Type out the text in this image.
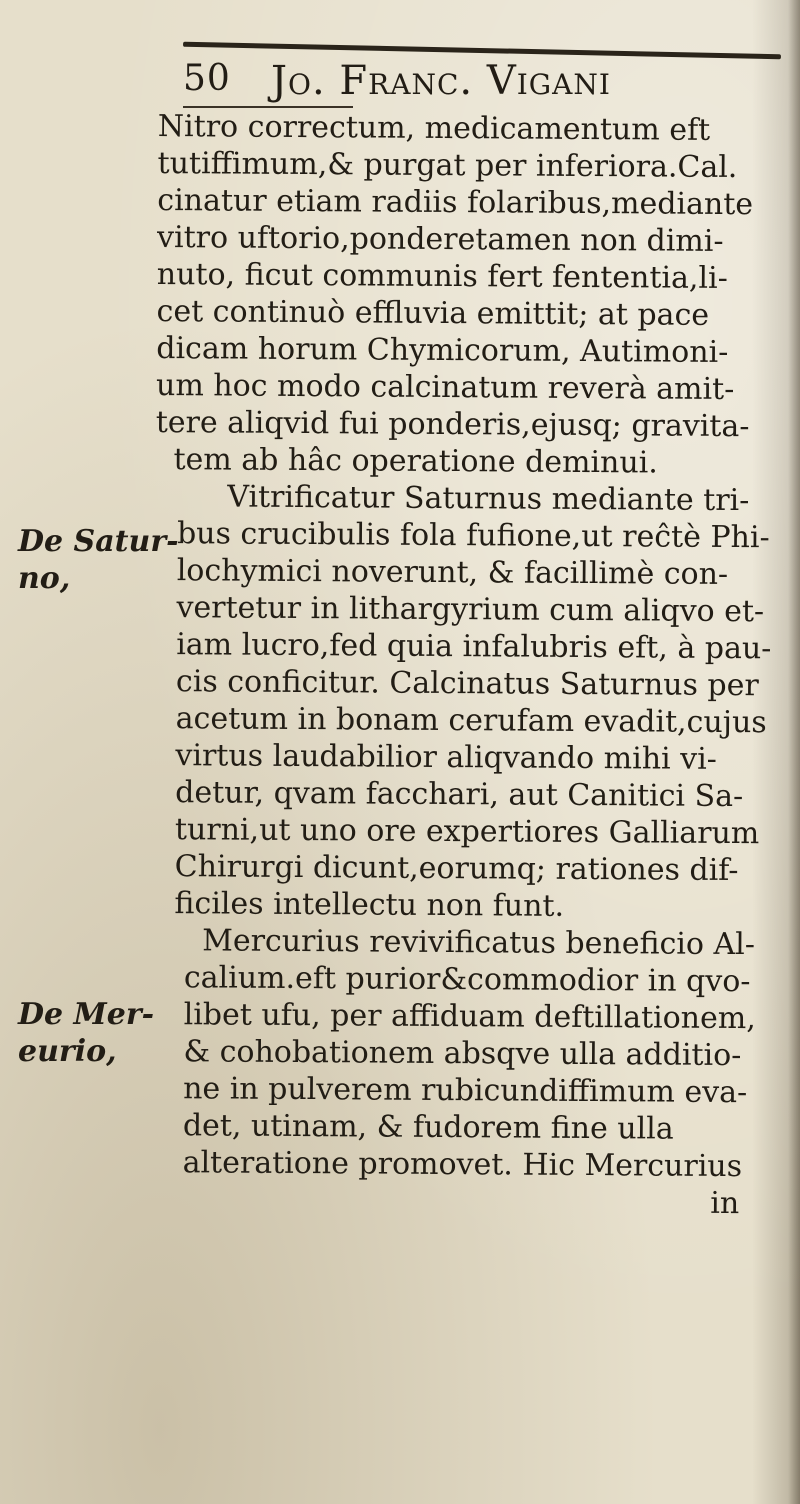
50 Jo. Franc. Vigani
De Satur-
no,
De Mer-
eurio,
Nitro correctum, medicamentum eft
tutiffimum,& purgat per inferiora.Cal.
cinatur etiam radiis folaribus,mediante
vitro uftorio,ponderetamen non dimi-
nuto, ficut communis fert fententia,li-
cet continuò effluvia emittit; at pace
dicam horum Chymicorum, Autimoni-
um hoc modo calcinatum reverà amit-
tere aliqvid fui ponderis,ejusq; gravita-
tem ab hâc operatione deminui.
Vitrificatur Saturnus mediante tri-
bus crucibulis fola fufione,ut reĉtè Phi-
lochymici noverunt, & facillimè con-
vertetur in lithargyrium cum aliqvo et-
iam lucro,fed quia infalubris eft, à pau-
cis conficitur. Calcinatus Saturnus per
acetum in bonam cerufam evadit,cujus
virtus laudabilior aliqvando mihi vi-
detur, qvam facchari, aut Canitici Sa-
turni,ut uno ore expertiores Galliarum
Chirurgi dicunt,eorumq; rationes dif-
ficiles intellectu non funt.
Mercurius revivificatus beneficio Al-
calium.eft purior&commodior in qvo-
libet ufu, per affiduam deftillationem,
& cohobationem absqve ulla additio-
ne in pulverem rubicundiffimum eva-
det, utinam, & fudorem fine ulla
alteratione promovet. Hic Mercurius
in
